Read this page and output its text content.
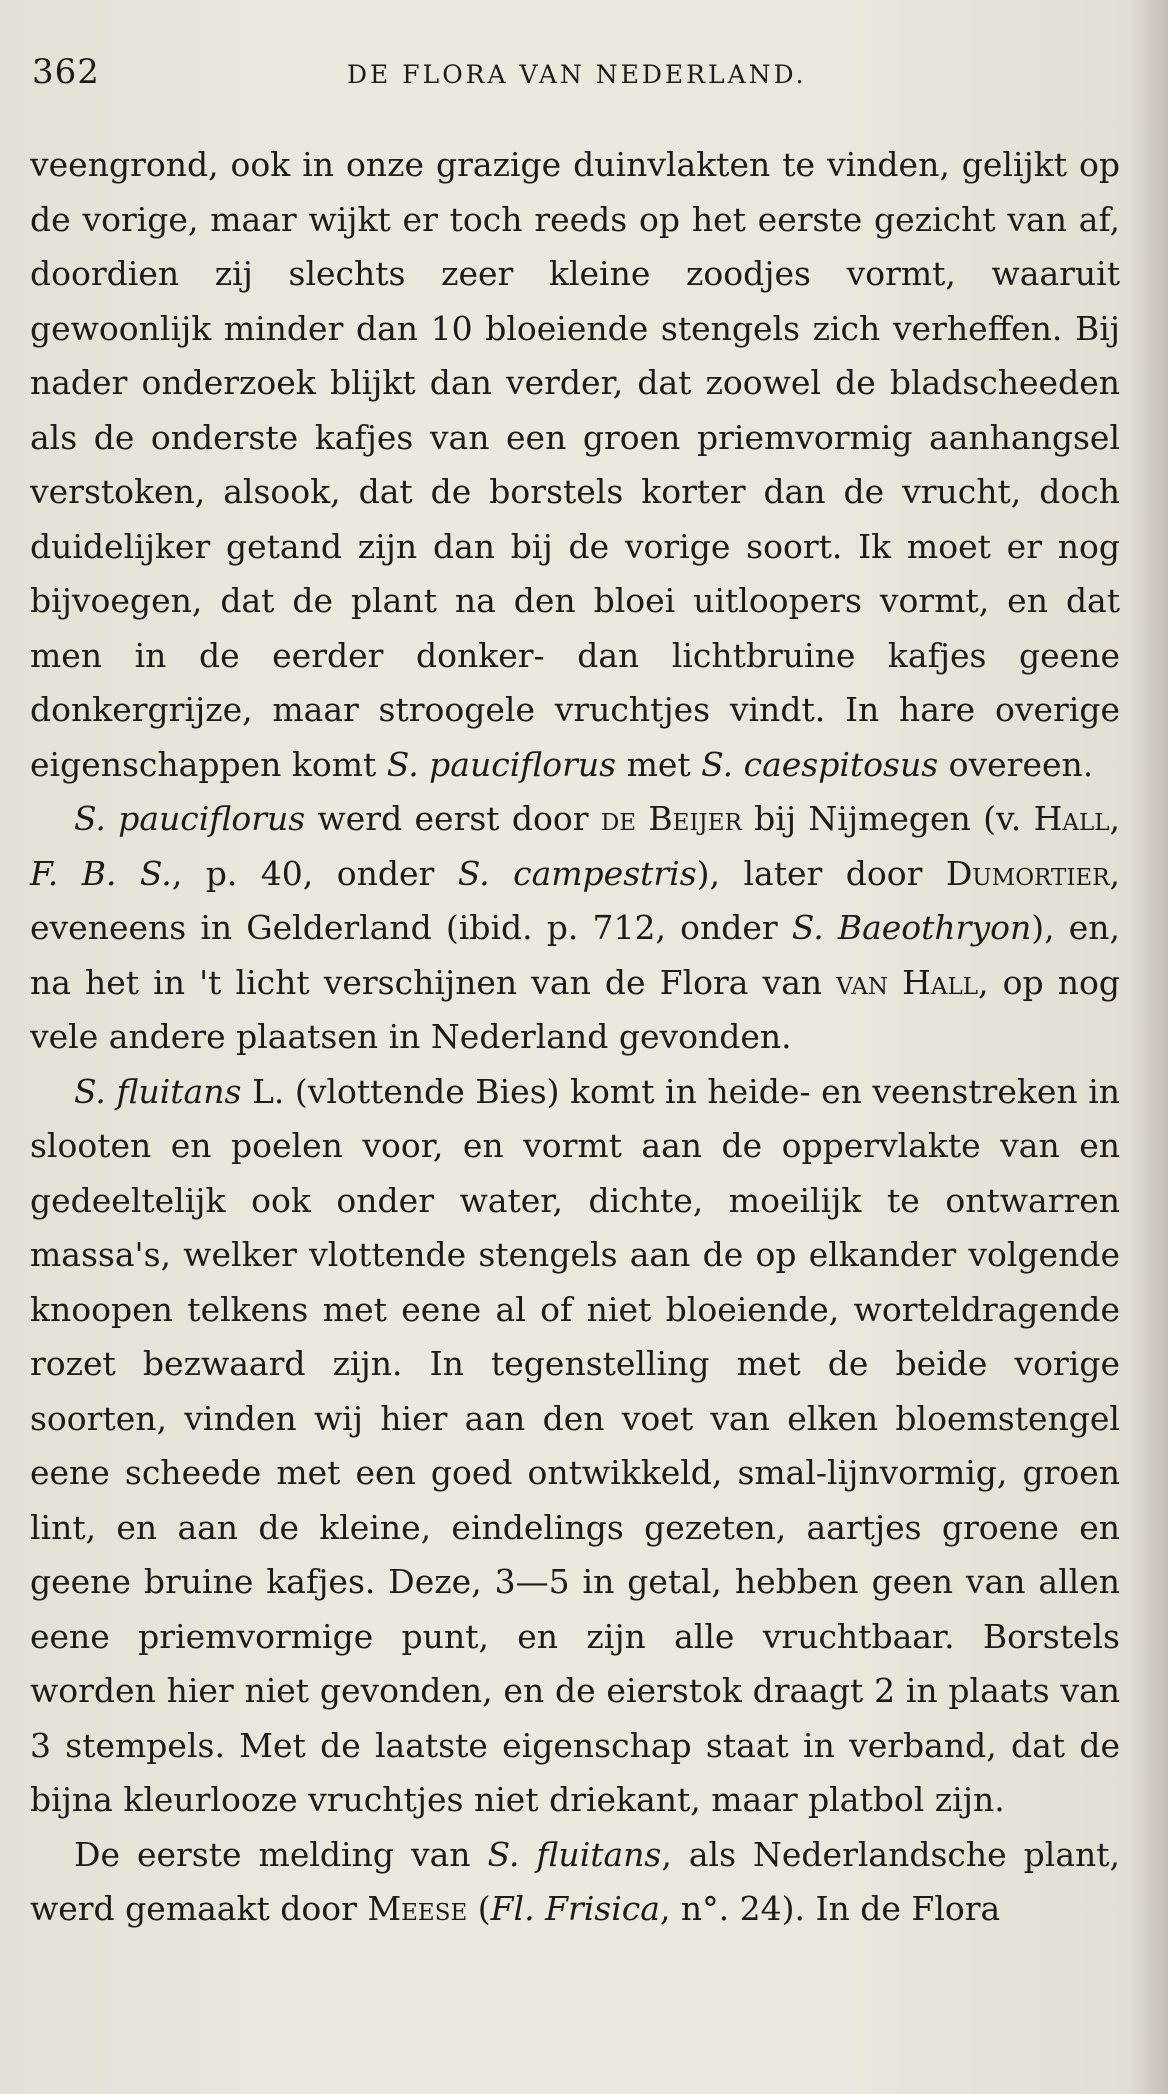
362	DE FLORA VAN NEDERLAND.

veengrond, ook in onze grazige duinvlakten te vinden, gelijkt op de vorige, maar wijkt er toch reeds op het eerste gezicht van af, doordien zij slechts zeer kleine zoodjes vormt, waaruit gewoonlijk minder dan 10 bloeiende stengels zich verheffen. Bij nader onderzoek blijkt dan verder, dat zoowel de bladscheeden als de onderste kafjes van een groen priemvormig aanhangsel verstoken, alsook, dat de borstels korter dan de vrucht, doch duidelijker getand zijn dan bij de vorige soort. Ik moet er nog bijvoegen, dat de plant na den bloei uitloopers vormt, en dat men in de eerder donker- dan lichtbruine kafjes geene donkergrijze, maar stroogele vruchtjes vindt. In hare overige eigenschappen komt S. pauciflorus met S. caespitosus overeen.

S. pauciflorus werd eerst door de Beijer bij Nijmegen (v. Hall, F. B. S., p. 40, onder S. campestris), later door Dumortier, eveneens in Gelderland (ibid. p. 712, onder S. Baeothryon), en, na het in 't licht verschijnen van de Flora van van Hall, op nog vele andere plaatsen in Nederland gevonden.

S. fluitans L. (vlottende Bies) komt in heide- en veenstreken in slooten en poelen voor, en vormt aan de oppervlakte van en gedeeltelijk ook onder water, dichte, moeilijk te ontwarren massa's, welker vlottende stengels aan de op elkander volgende knoopen telkens met eene al of niet bloeiende, worteldragende rozet bezwaard zijn. In tegenstelling met de beide vorige soorten, vinden wij hier aan den voet van elken bloemstengel eene scheede met een goed ontwikkeld, smal-lijnvormig, groen lint, en aan de kleine, eindelings gezeten, aartjes groene en geene bruine kafjes. Deze, 3—5 in getal, hebben geen van allen eene priemvormige punt, en zijn alle vruchtbaar. Borstels worden hier niet gevonden, en de eierstok draagt 2 in plaats van 3 stempels. Met de laatste eigenschap staat in verband, dat de bijna kleurlooze vruchtjes niet driekant, maar platbol zijn.

De eerste melding van S. fluitans, als Nederlandsche plant, werd gemaakt door Meese (Fl. Frisica, n°. 24). In de Flora
